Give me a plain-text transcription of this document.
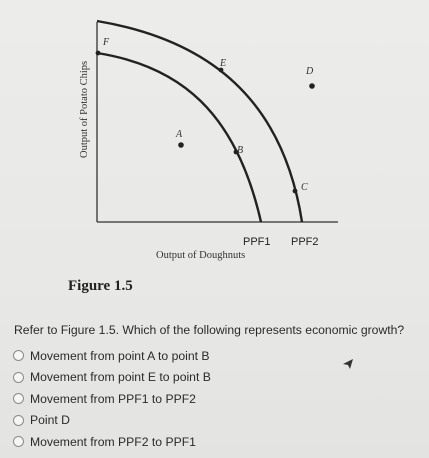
F
E
A
B
D
C
PPF1 PPF2
Output of Doughnuts
Output of Potato Chips
Figure 1.5
Refer to Figure 1.5. Which of the following represents economic growth?
Movement from point A to point B
Movement from point E to point B
Movement from PPF1 to PPF2
Point D
Movement from PPF2 to PPF1
